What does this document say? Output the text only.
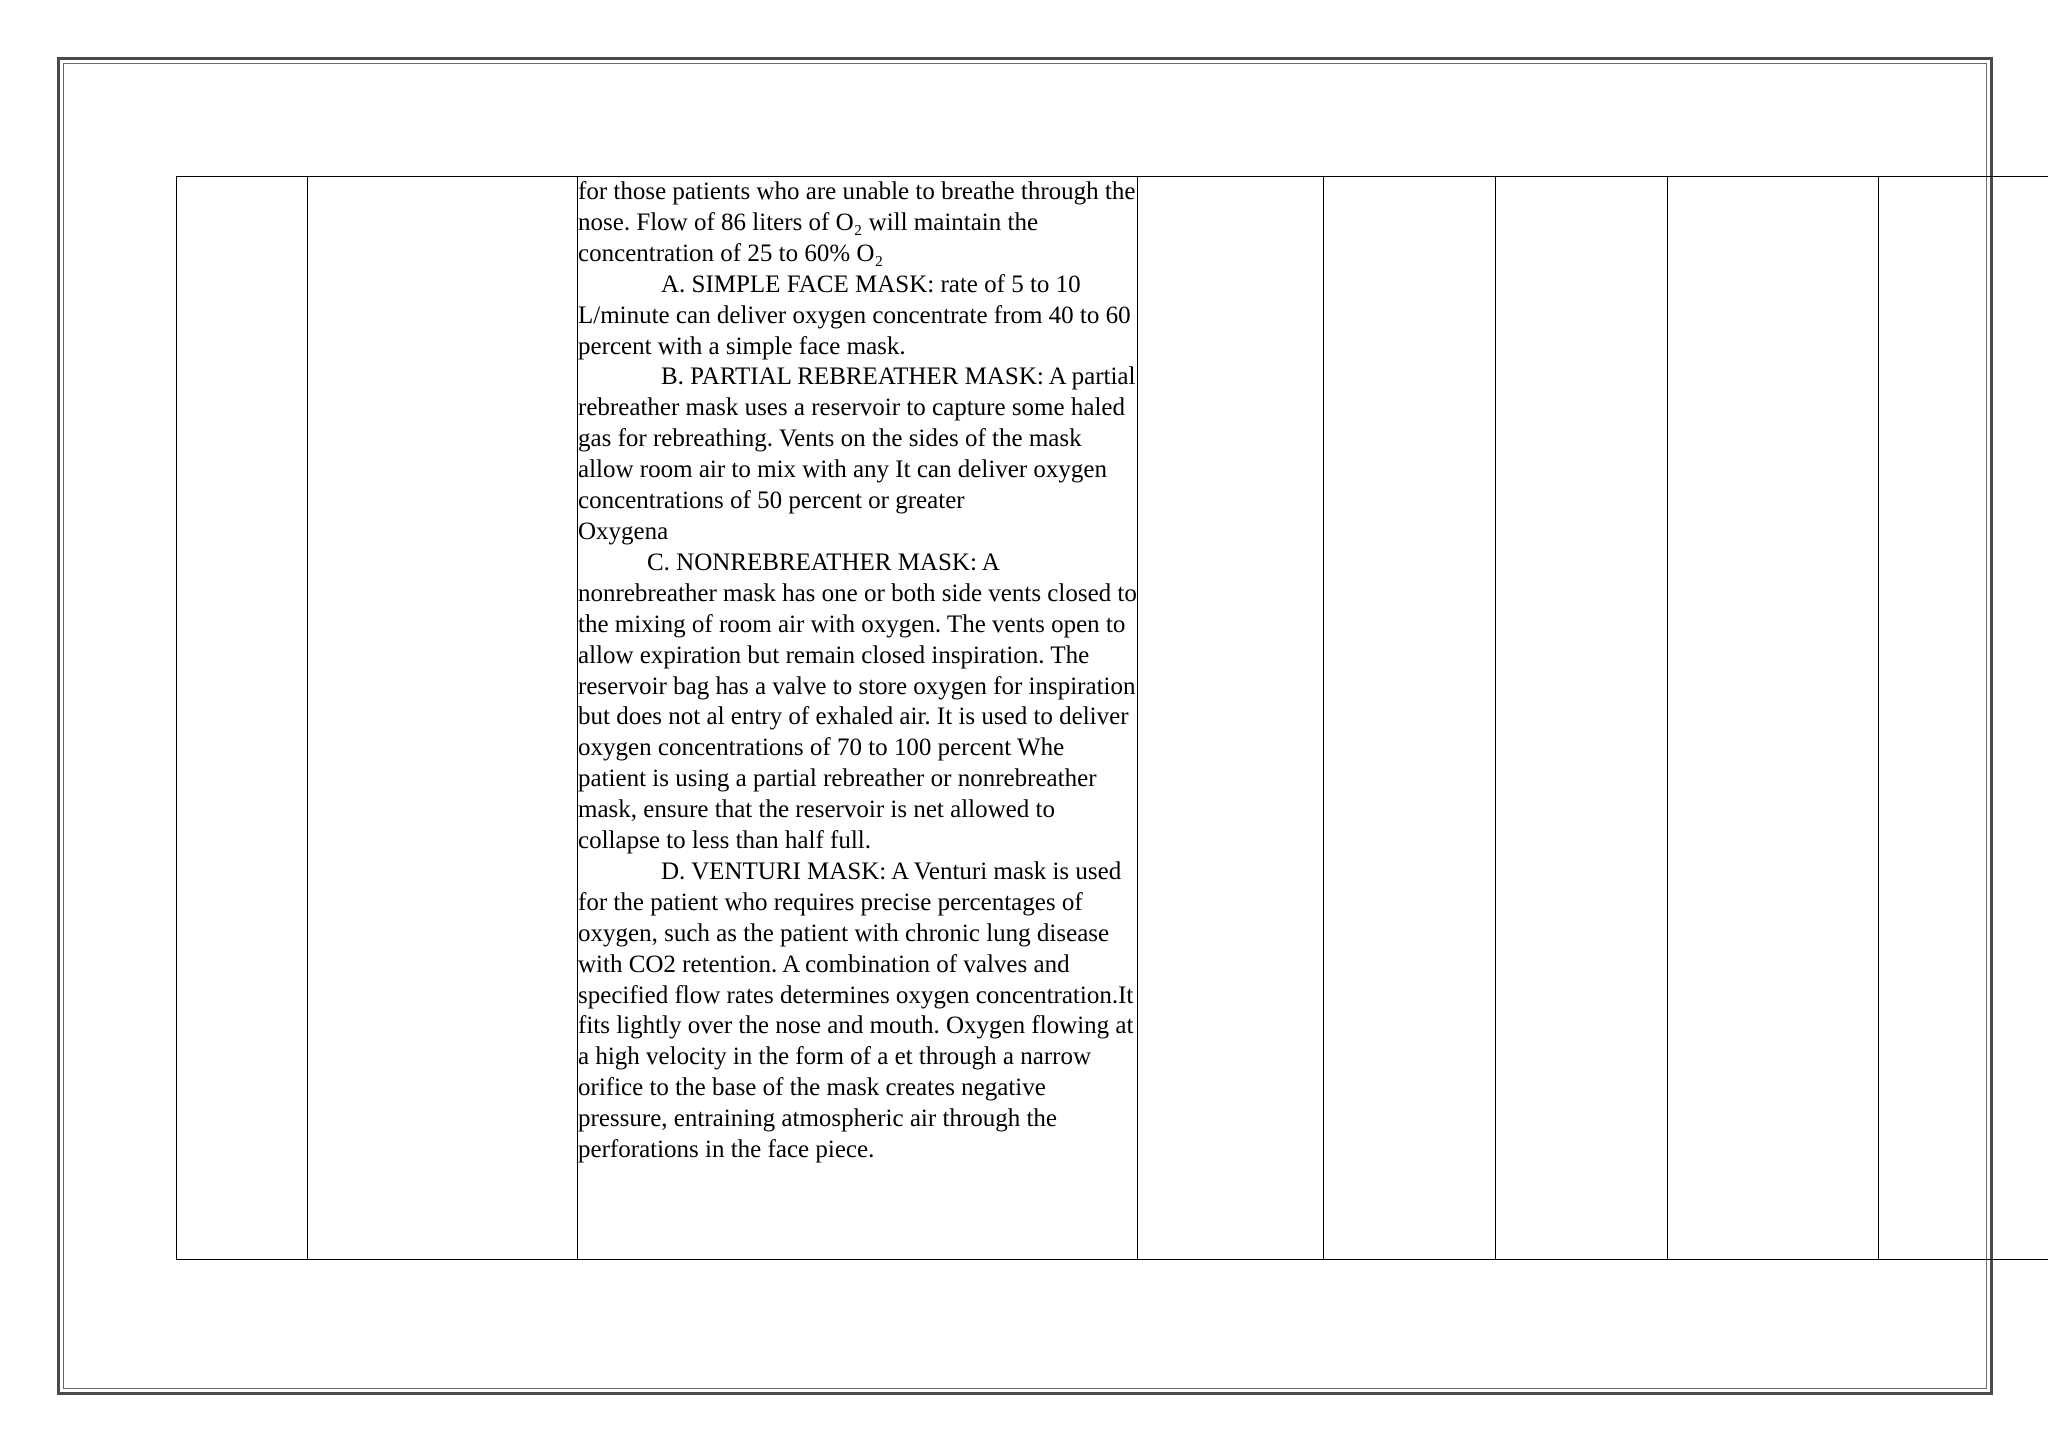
for those patients who are unable to breathe through the nose. Flow of 86 liters of O₂ will maintain the concentration of 25 to 60% O₂

A. SIMPLE FACE MASK: rate of 5 to 10 L/minute can deliver oxygen concentrate from 40 to 60 percent with a simple face mask.

B. PARTIAL REBREATHER MASK: A partial rebreather mask uses a reservoir to capture some haled gas for rebreathing. Vents on the sides of the mask allow room air to mix with any It can deliver oxygen concentrations of 50 percent or greater

Oxygena

C. NONREBREATHER MASK: A nonrebreather mask has one or both side vents closed to the mixing of room air with oxygen. The vents open to allow expiration but remain closed inspiration. The reservoir bag has a valve to store oxygen for inspiration but does not al entry of exhaled air. It is used to deliver oxygen concentrations of 70 to 100 percent Whe patient is using a partial rebreather or nonrebreather mask, ensure that the reservoir is net allowed to collapse to less than half full.

D. VENTURI MASK: A Venturi mask is used for the patient who requires precise percentages of oxygen, such as the patient with chronic lung disease with CO2 retention. A combination of valves and specified flow rates determines oxygen concentration.It fits lightly over the nose and mouth. Oxygen flowing at a high velocity in the form of a et through a narrow orifice to the base of the mask creates negative pressure, entraining atmospheric air through the perforations in the face piece.
